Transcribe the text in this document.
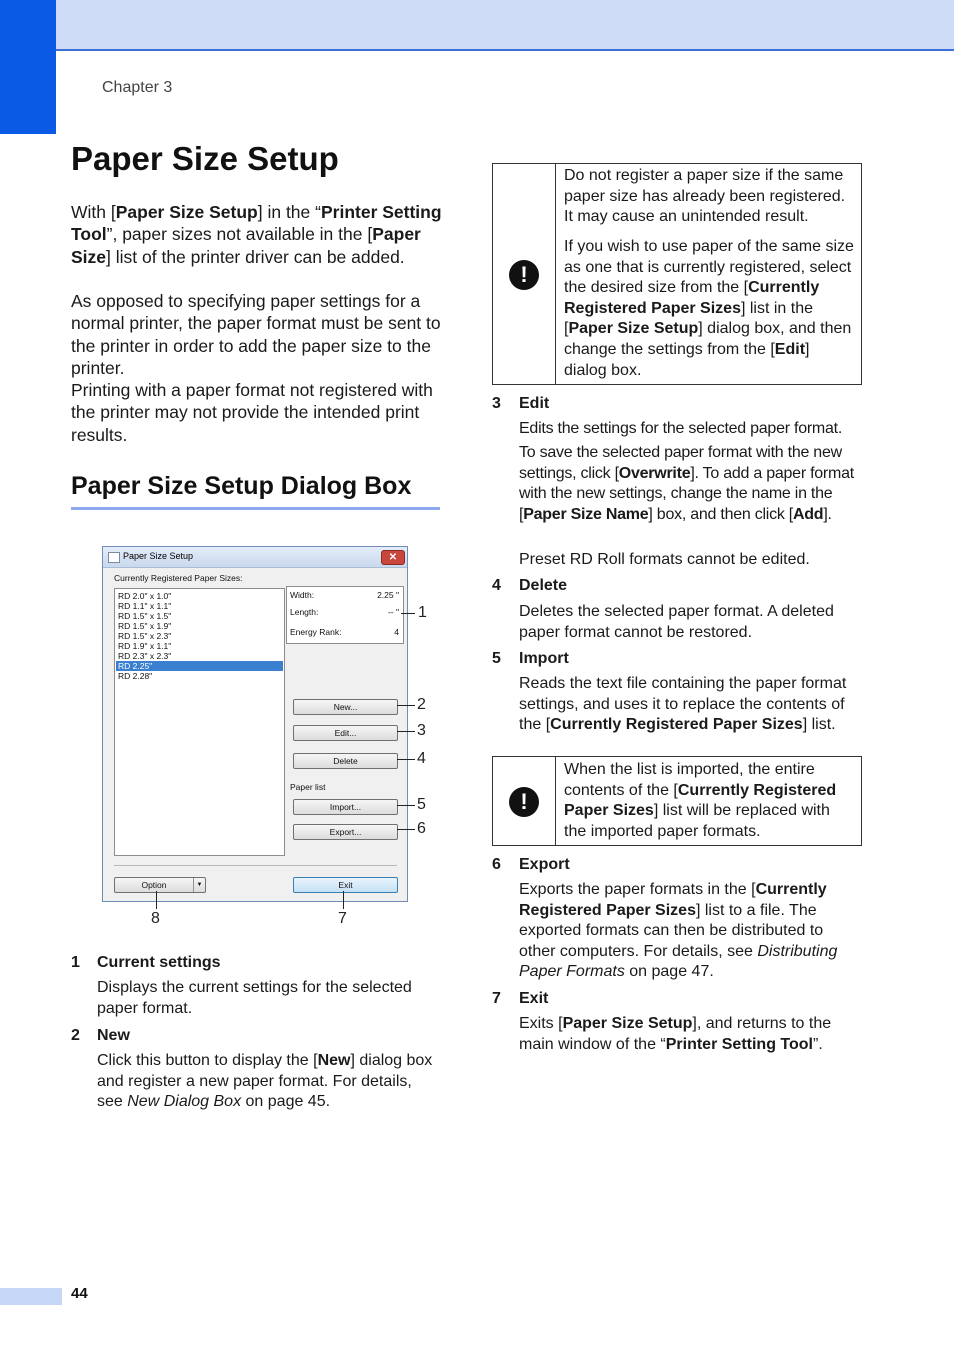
Chapter 3
Paper Size Setup
With [Paper Size Setup] in the “Printer Setting Tool”, paper sizes not available in the [Paper Size] list of the printer driver can be added.
As opposed to specifying paper settings for a normal printer, the paper format must be sent to the printer in order to add the paper size to the printer.
Printing with a paper format not registered with the printer may not provide the intended print results.
Paper Size Setup Dialog Box
Paper Size Setup	✕
Currently Registered Paper Sizes:
RD 2.0" x 1.0"
RD 1.1" x 1.1"
RD 1.5" x 1.5"
RD 1.5" x 1.9"
RD 1.5" x 2.3"
RD 1.9" x 1.1"
RD 2.3" x 2.3"
RD 2.25"
RD 2.28"
Width:	2.25 "
Length:	-- "
Energy Rank:	4
New...
Edit...
Delete
Paper list
Import...
Export...
Option	▼	Exit
1
2
3
4
5
6
7
8
1 Current settings
Displays the current settings for the selected paper format.
2 New
Click this button to display the [New] dialog box and register a new paper format. For details, see New Dialog Box on page 45.
!
Do not register a paper size if the same paper size has already been registered. It may cause an unintended result.
If you wish to use paper of the same size as one that is currently registered, select the desired size from the [Currently Registered Paper Sizes] list in the [Paper Size Setup] dialog box, and then change the settings from the [Edit] dialog box.
3 Edit
Edits the settings for the selected paper format.
To save the selected paper format with the new settings, click [Overwrite]. To add a paper format with the new settings, change the name in the [Paper Size Name] box, and then click [Add].
Preset RD Roll formats cannot be edited.
4 Delete
Deletes the selected paper format. A deleted paper format cannot be restored.
5 Import
Reads the text file containing the paper format settings, and uses it to replace the contents of the [Currently Registered Paper Sizes] list.
!
When the list is imported, the entire contents of the [Currently Registered Paper Sizes] list will be replaced with the imported paper formats.
6 Export
Exports the paper formats in the [Currently Registered Paper Sizes] list to a file. The exported formats can then be distributed to other computers. For details, see Distributing Paper Formats on page 47.
7 Exit
Exits [Paper Size Setup], and returns to the main window of the “Printer Setting Tool”.
44
